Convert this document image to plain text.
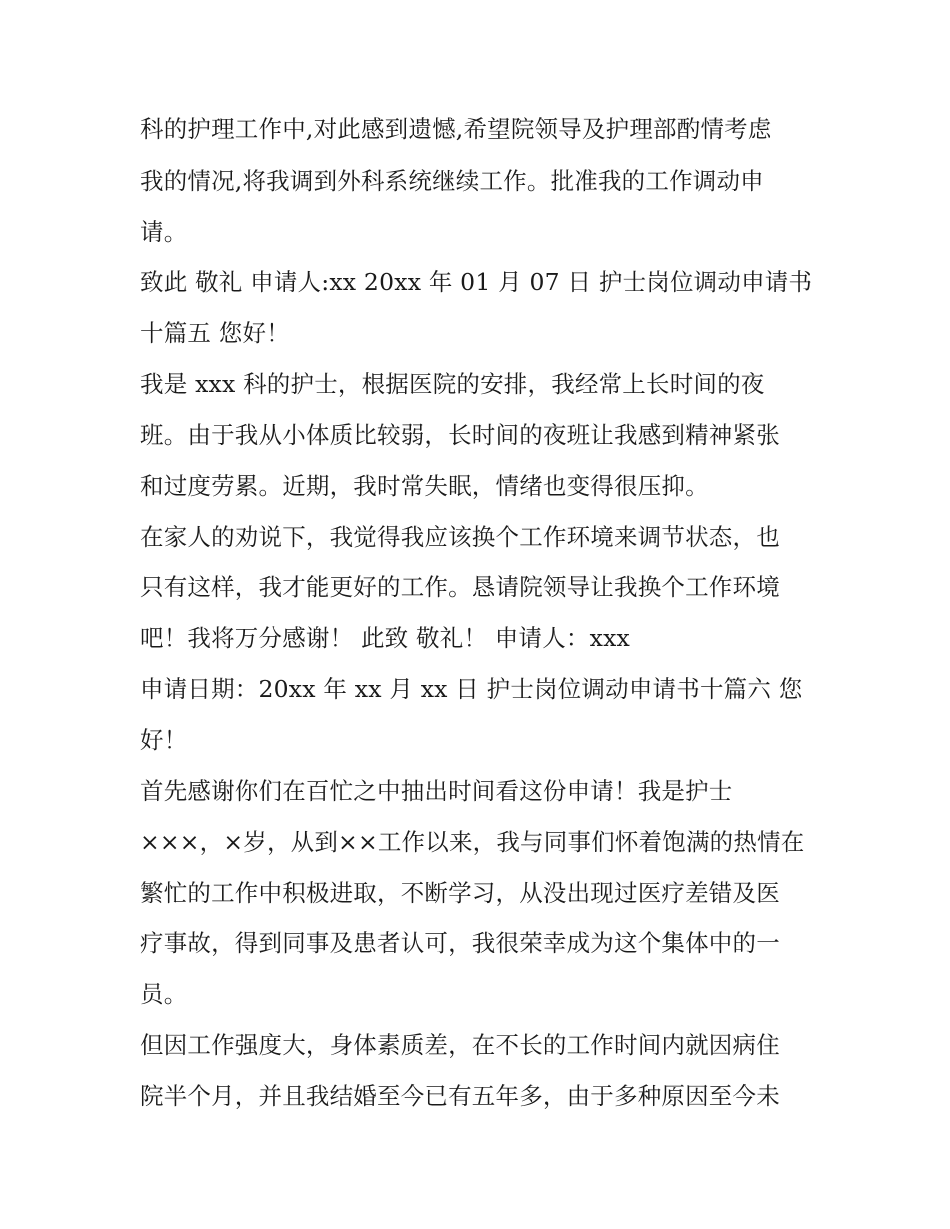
科的护理工作中,对此感到遗憾,希望院领导及护理部酌情考虑
我的情况,将我调到外科系统继续工作。批准我的工作调动申
请。
致此 敬礼 申请人:xx 20xx 年 01 月 07 日 护士岗位调动申请书
十篇五 您好！
我是 xxx 科的护士，根据医院的安排，我经常上长时间的夜
班。由于我从小体质比较弱，长时间的夜班让我感到精神紧张
和过度劳累。近期，我时常失眠，情绪也变得很压抑。
在家人的劝说下，我觉得我应该换个工作环境来调节状态，也
只有这样，我才能更好的工作。恳请院领导让我换个工作环境
吧！我将万分感谢！ 此致 敬礼！ 申请人：xxx
申请日期：20xx 年 xx 月 xx 日 护士岗位调动申请书十篇六 您
好！
首先感谢你们在百忙之中抽出时间看这份申请！我是护士
×××，×岁，从到××工作以来，我与同事们怀着饱满的热情在
繁忙的工作中积极进取，不断学习，从没出现过医疗差错及医
疗事故，得到同事及患者认可，我很荣幸成为这个集体中的一
员。
但因工作强度大，身体素质差，在不长的工作时间内就因病住
院半个月，并且我结婚至今已有五年多，由于多种原因至今未
